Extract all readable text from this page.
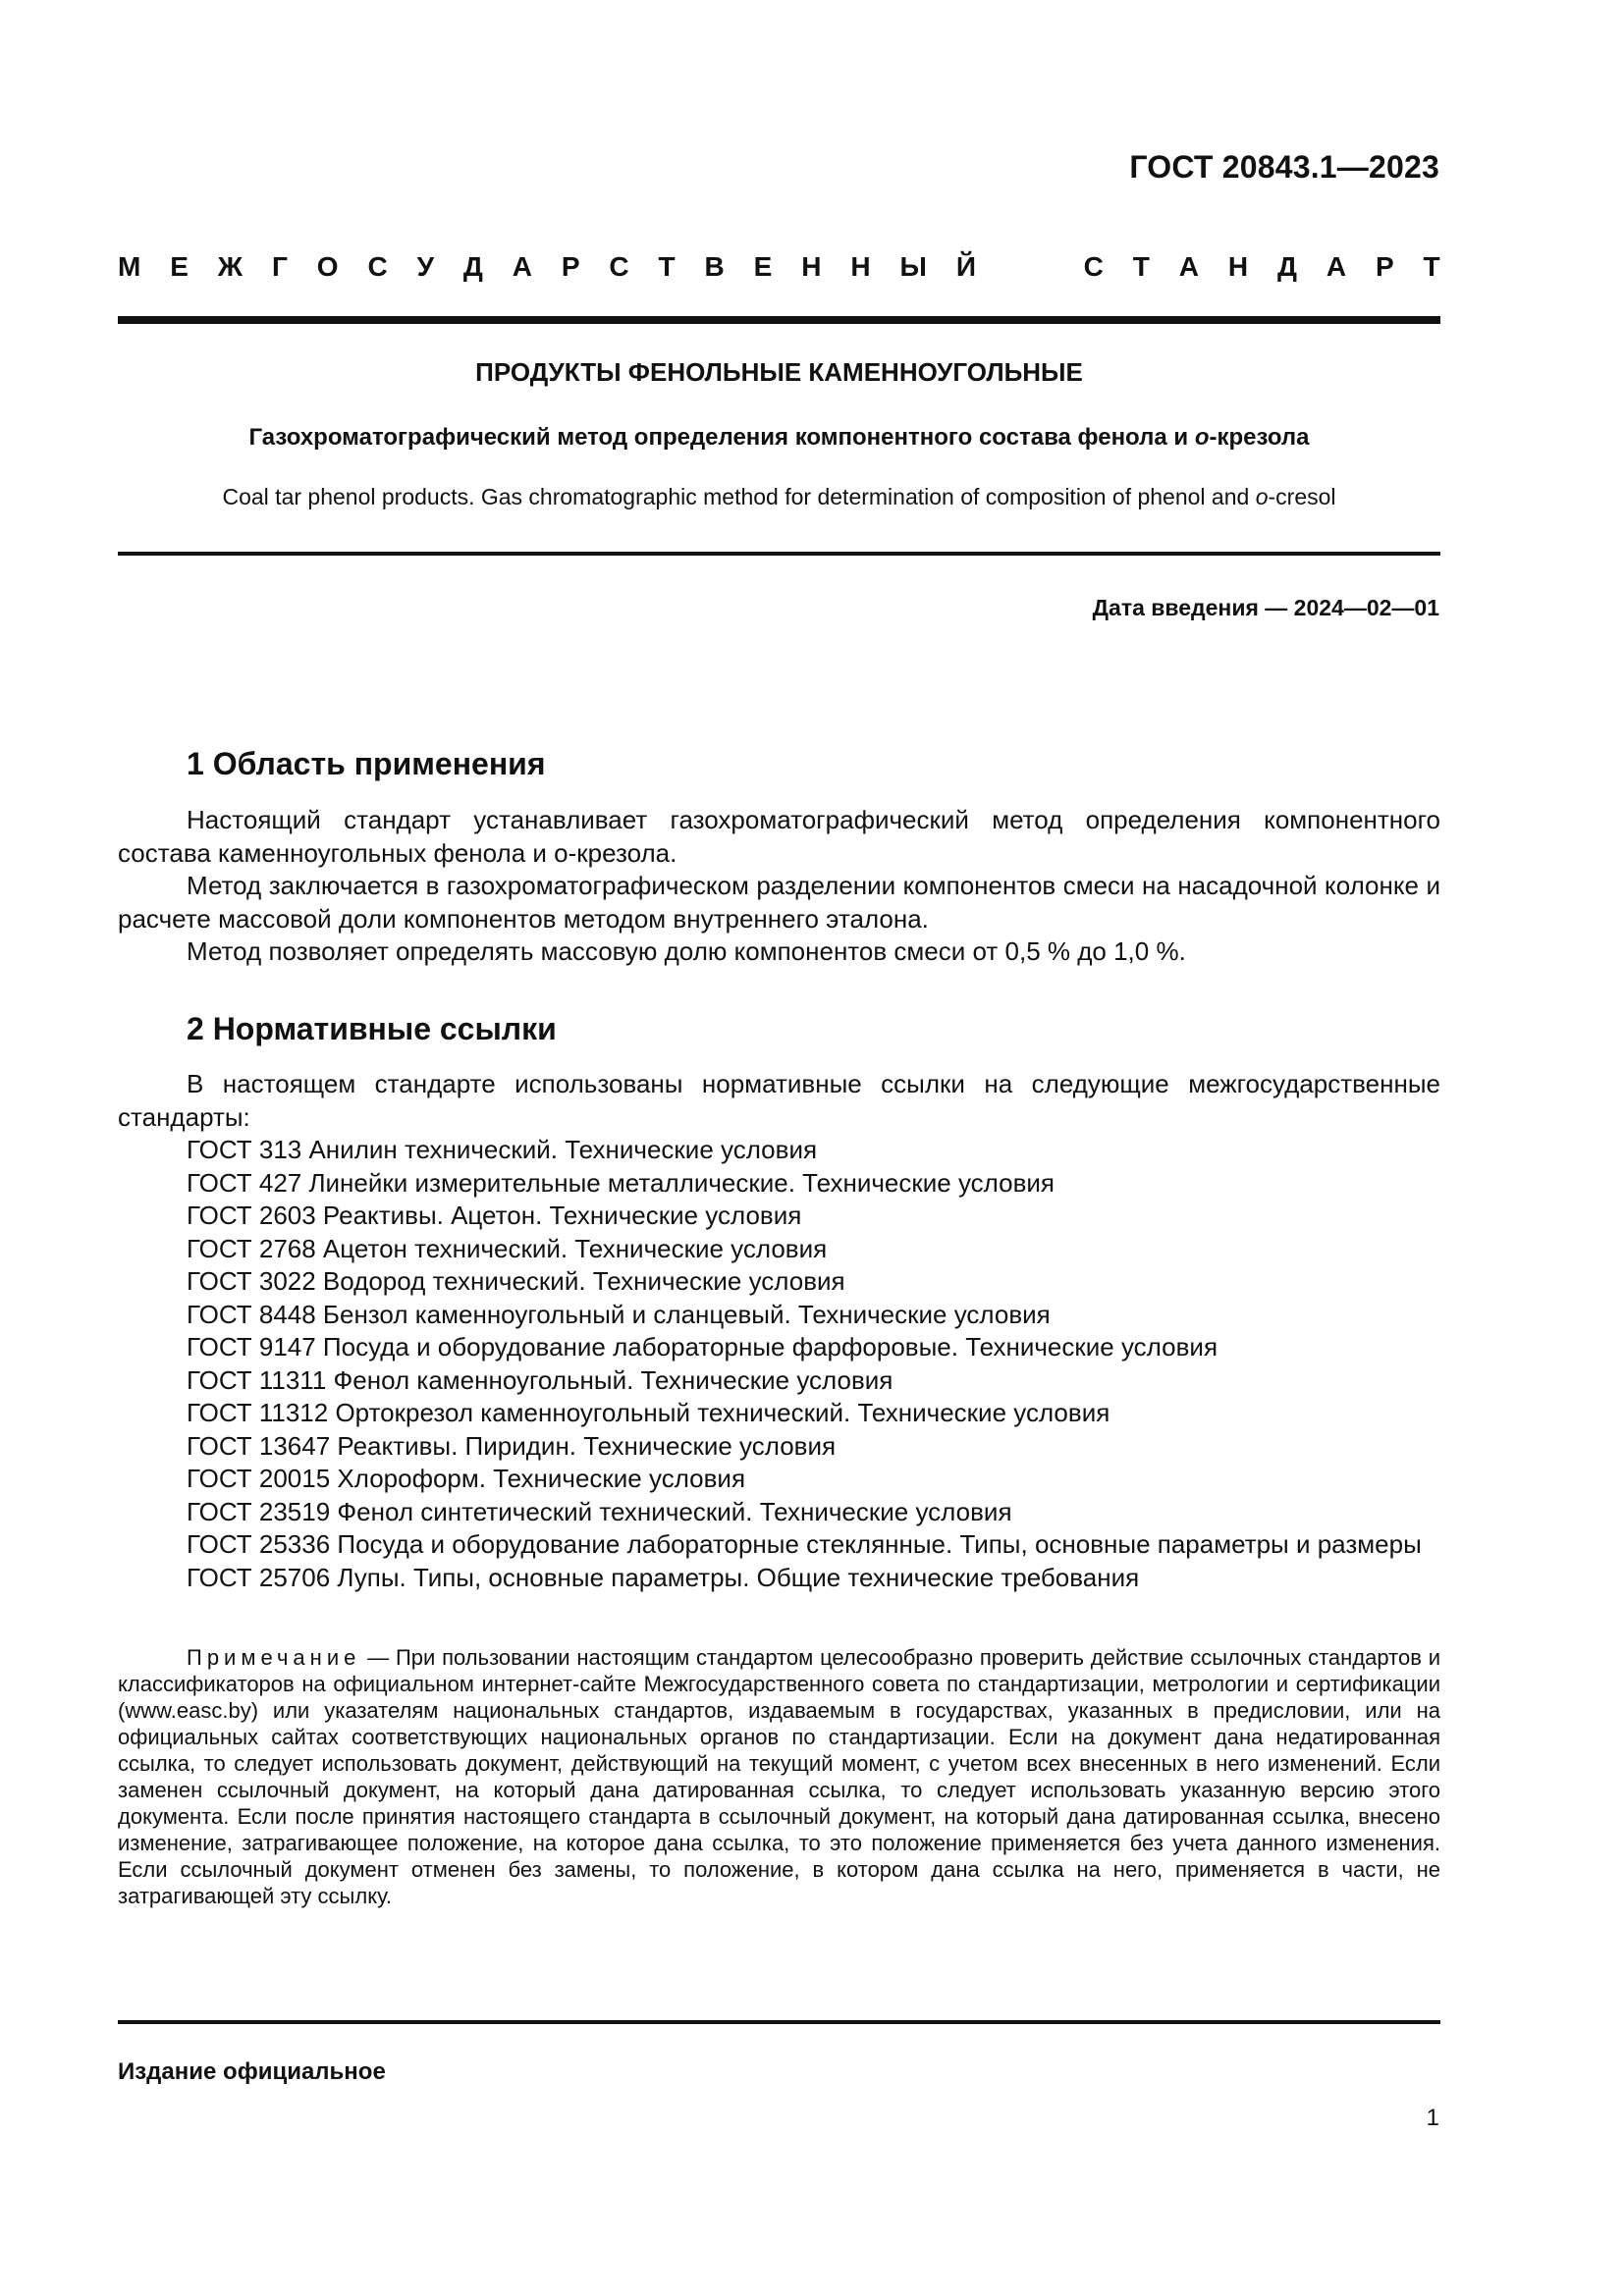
ГОСТ 20843.1—2023
М Е Ж Г О С У Д А Р С Т В Е Н Н Ы Й	С Т А Н Д А Р Т
ПРОДУКТЫ ФЕНОЛЬНЫЕ КАМЕННОУГОЛЬНЫЕ
Газохроматографический метод определения компонентного состава фенола и о-крезола
Coal tar phenol products. Gas chromatographic method for determination of composition of phenol and o-cresol
Дата введения — 2024—02—01
1 Область применения

Настоящий стандарт устанавливает газохроматографический метод определения компонентного состава каменноугольных фенола и о-крезола.

Метод заключается в газохроматографическом разделении компонентов смеси на насадочной колонке и расчете массовой доли компонентов методом внутреннего эталона.

Метод позволяет определять массовую долю компонентов смеси от 0,5 % до 1,0 %.

2 Нормативные ссылки

В настоящем стандарте использованы нормативные ссылки на следующие межгосударственные стандарты:

ГОСТ 313 Анилин технический. Технические условия
ГОСТ 427 Линейки измерительные металлические. Технические условия
ГОСТ 2603 Реактивы. Ацетон. Технические условия
ГОСТ 2768 Ацетон технический. Технические условия
ГОСТ 3022 Водород технический. Технические условия
ГОСТ 8448 Бензол каменноугольный и сланцевый. Технические условия
ГОСТ 9147 Посуда и оборудование лабораторные фарфоровые. Технические условия
ГОСТ 11311 Фенол каменноугольный. Технические условия
ГОСТ 11312 Ортокрезол каменноугольный технический. Технические условия
ГОСТ 13647 Реактивы. Пиридин. Технические условия
ГОСТ 20015 Хлороформ. Технические условия
ГОСТ 23519 Фенол синтетический технический. Технические условия
ГОСТ 25336 Посуда и оборудование лабораторные стеклянные. Типы, основные параметры и размеры
ГОСТ 25706 Лупы. Типы, основные параметры. Общие технические требования

Примечание — При пользовании настоящим стандартом целесообразно проверить действие ссылочных стандартов и классификаторов на официальном интернет-сайте Межгосударственного совета по стандартизации, метрологии и сертификации (www.easc.by) или указателям национальных стандартов, издаваемым в государствах, указанных в предисловии, или на официальных сайтах соответствующих национальных органов по стандартизации. Если на документ дана недатированная ссылка, то следует использовать документ, действующий на текущий момент, с учетом всех внесенных в него изменений. Если заменен ссылочный документ, на который дана датированная ссылка, то следует использовать указанную версию этого документа. Если после принятия настоящего стандарта в ссылочный документ, на который дана датированная ссылка, внесено изменение, затрагивающее положение, на которое дана ссылка, то это положение применяется без учета данного изменения. Если ссылочный документ отменен без замены, то положение, в котором дана ссылка на него, применяется в части, не затрагивающей эту ссылку.

Издание официальное
1
